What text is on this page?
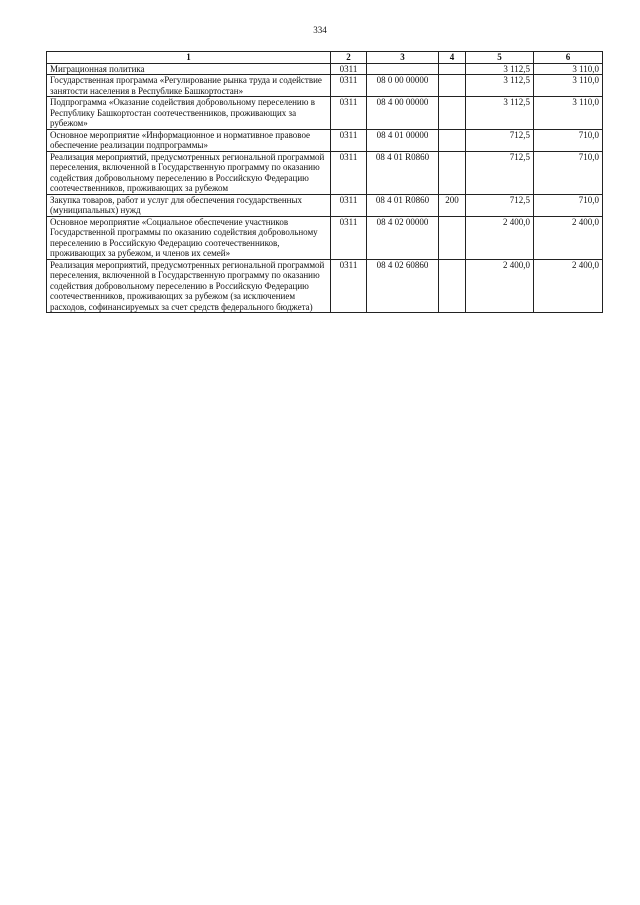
334
1	2	3	4	5	6
Миграционная политика	0311			3 112,5	3 110,0
Государственная программа «Регулирование рынка труда и содействие занятости населения в Республике Башкортостан»	0311	08 0 00 00000		3 112,5	3 110,0
Подпрограмма «Оказание содействия добровольному переселению в Республику Башкортостан соотечественников, проживающих за рубежом»	0311	08 4 00 00000		3 112,5	3 110,0
Основное мероприятие «Информационное и нормативное правовое обеспечение реализации подпрограммы»	0311	08 4 01 00000		712,5	710,0
Реализация мероприятий, предусмотренных региональной программой переселения, включенной в Государственную программу по оказанию содействия добровольному переселению в Российскую Федерацию соотечественников, проживающих за рубежом	0311	08 4 01 R0860		712,5	710,0
Закупка товаров, работ и услуг для обеспечения государственных (муниципальных) нужд	0311	08 4 01 R0860	200	712,5	710,0
Основное мероприятие «Социальное обеспечение участников Государственной программы по оказанию содействия добровольному переселению в Российскую Федерацию соотечественников, проживающих за рубежом, и членов их семей»	0311	08 4 02 00000		2 400,0	2 400,0
Реализация мероприятий, предусмотренных региональной программой переселения, включенной в Государственную программу по оказанию содействия добровольному переселению в Российскую Федерацию соотечественников, проживающих за рубежом (за исключением расходов, софинансируемых за счет средств федерального бюджета)	0311	08 4 02 60860		2 400,0	2 400,0
